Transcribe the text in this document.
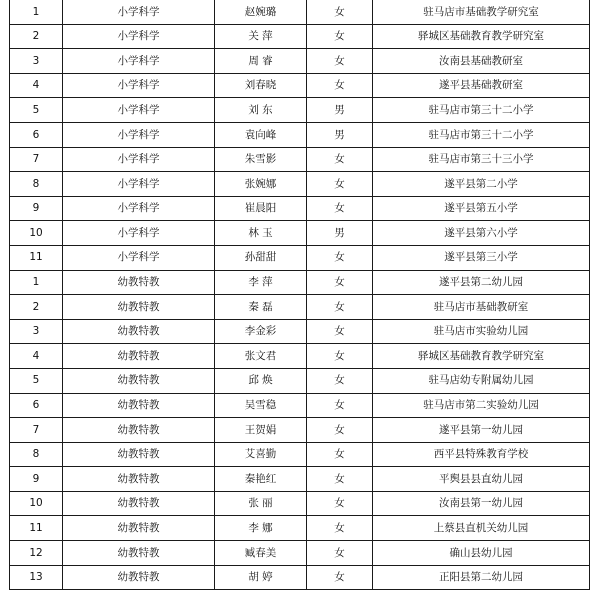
1	小学科学	赵婉璐	女	驻马店市基础教学研究室
2	小学科学	关 萍	女	驿城区基础教育教学研究室
3	小学科学	周 睿	女	汝南县基础教研室
4	小学科学	刘春晓	女	遂平县基础教研室
5	小学科学	刘 东	男	驻马店市第三十二小学
6	小学科学	袁向峰	男	驻马店市第三十二小学
7	小学科学	朱雪影	女	驻马店市第三十三小学
8	小学科学	张婉娜	女	遂平县第二小学
9	小学科学	崔晨阳	女	遂平县第五小学
10	小学科学	林 玉	男	遂平县第六小学
11	小学科学	孙甜甜	女	遂平县第三小学
1	幼教特教	李 萍	女	遂平县第二幼儿园
2	幼教特教	秦 磊	女	驻马店市基础教研室
3	幼教特教	李金彩	女	驻马店市实验幼儿园
4	幼教特教	张文君	女	驿城区基础教育教学研究室
5	幼教特教	邱 焕	女	驻马店幼专附属幼儿园
6	幼教特教	吴雪稳	女	驻马店市第二实验幼儿园
7	幼教特教	王贺娟	女	遂平县第一幼儿园
8	幼教特教	艾喜勤	女	西平县特殊教育学校
9	幼教特教	秦艳红	女	平舆县县直幼儿园
10	幼教特教	张 丽	女	汝南县第一幼儿园
11	幼教特教	李 娜	女	上蔡县直机关幼儿园
12	幼教特教	臧春美	女	确山县幼儿园
13	幼教特教	胡 婷	女	正阳县第二幼儿园
